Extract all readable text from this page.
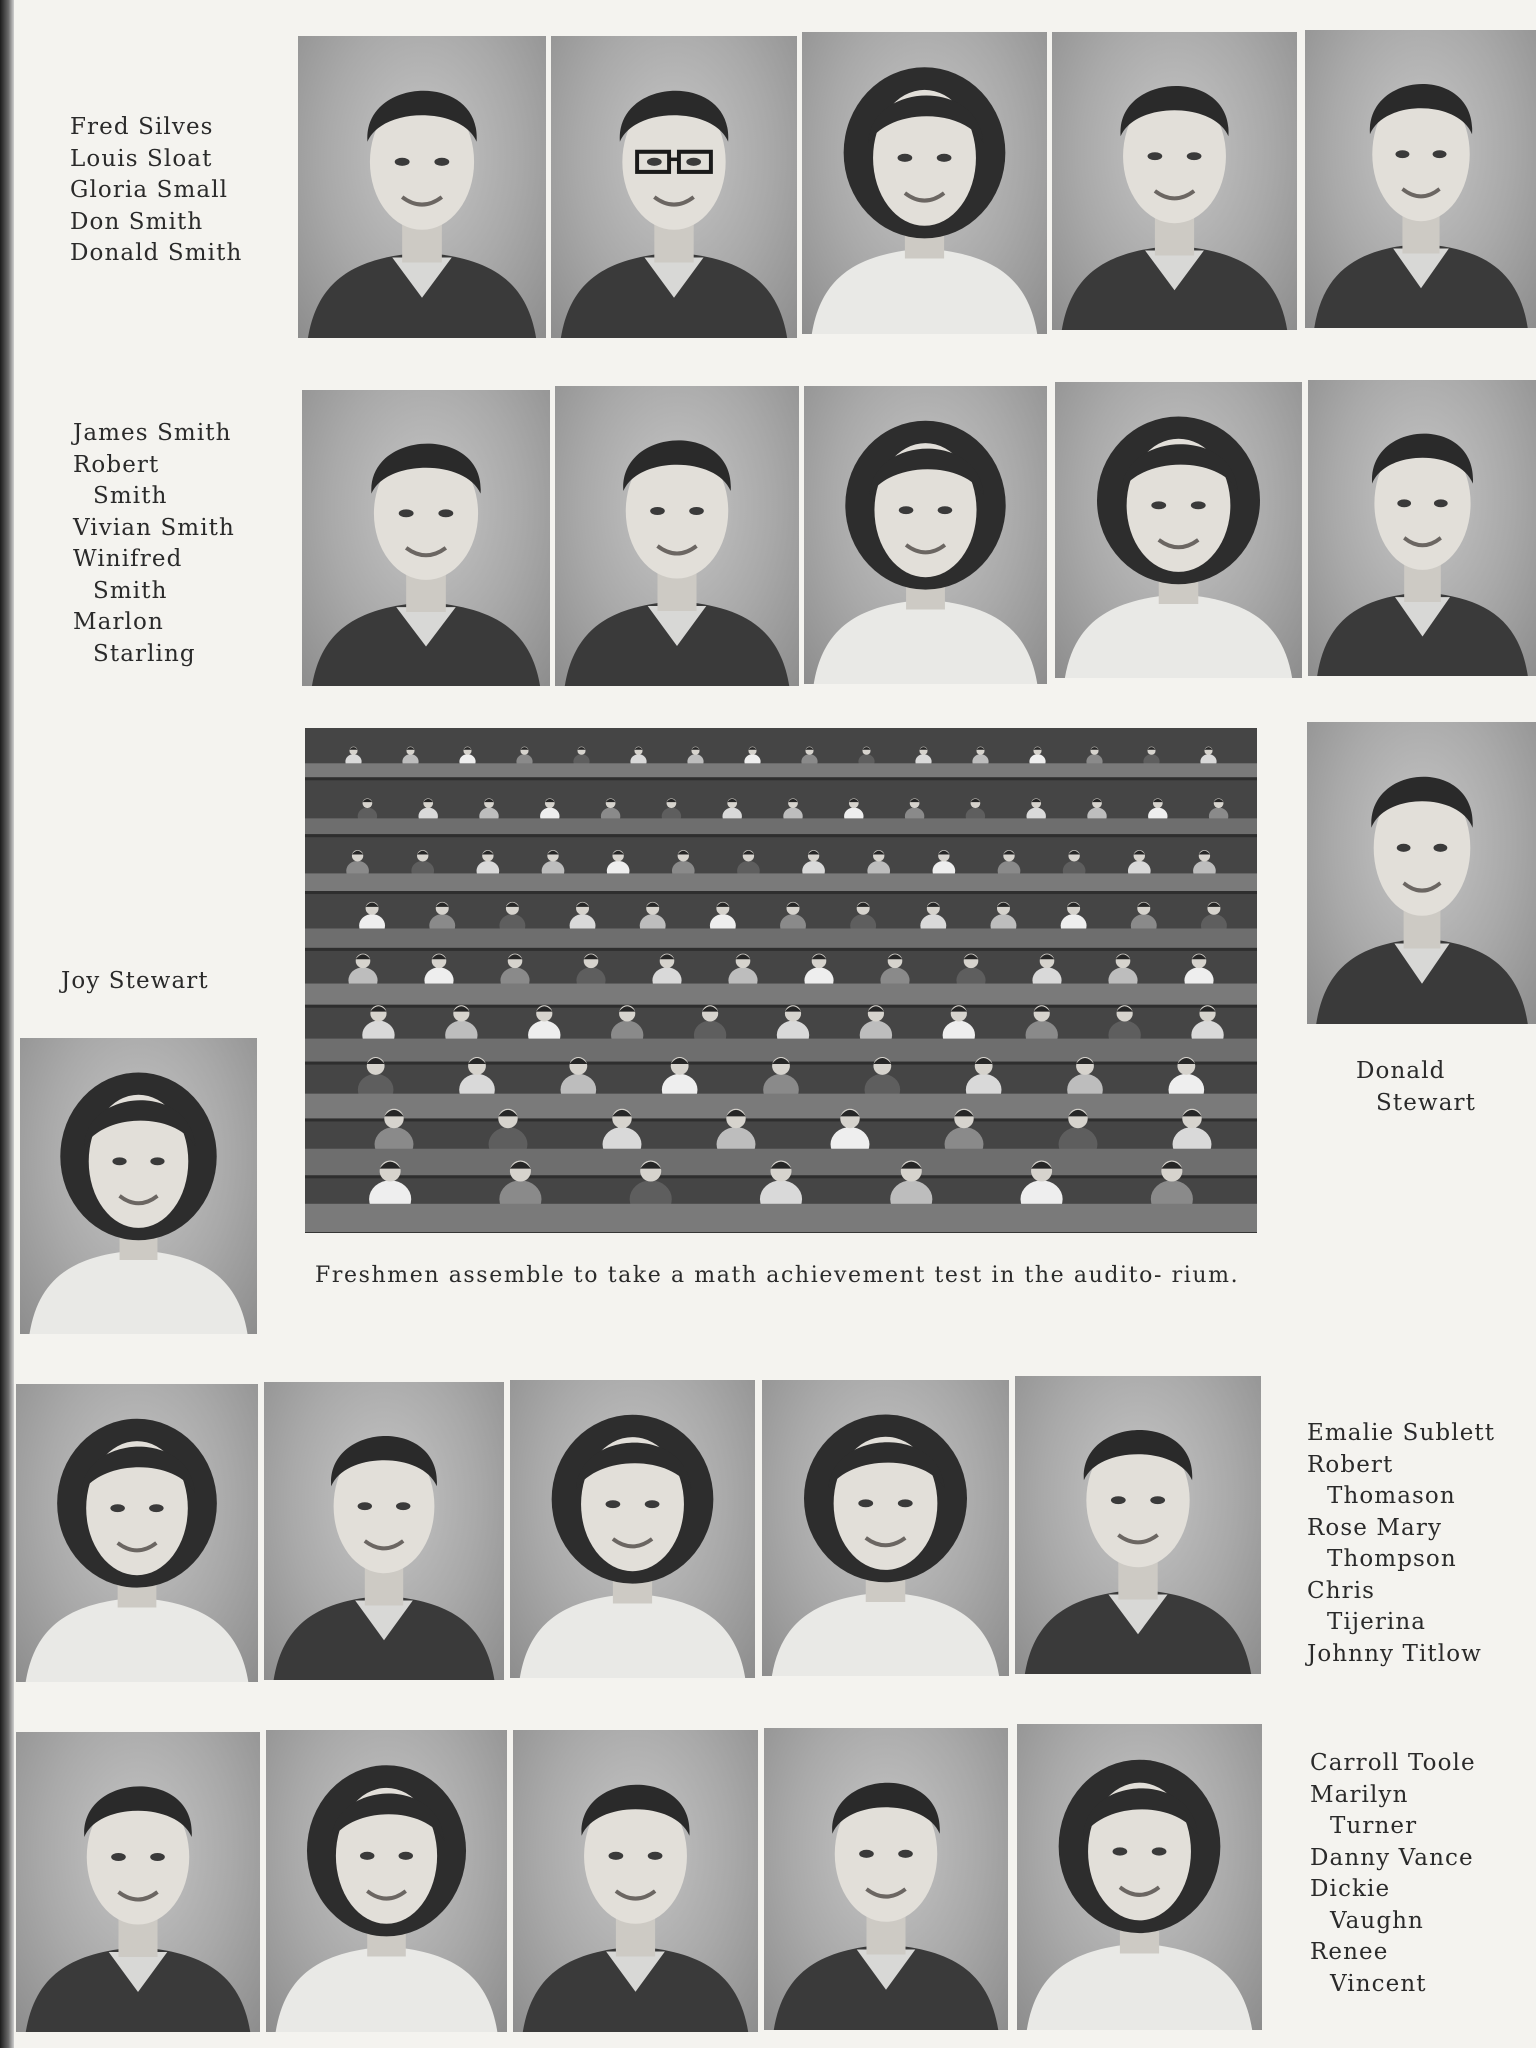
Fred Silves
Louis Sloat
Gloria Small
Don Smith
Donald Smith
James Smith
Robert
Smith
Vivian Smith
Winifred
Smith
Marlon
Starling
Joy Stewart
Donald
Stewart
Freshmen assemble to take a math achievement test in the audito- rium.
Emalie Sublett
Robert
Thomason
Rose Mary
Thompson
Chris
Tijerina
Johnny Titlow
Carroll Toole
Marilyn
Turner
Danny Vance
Dickie
Vaughn
Renee
Vincent
